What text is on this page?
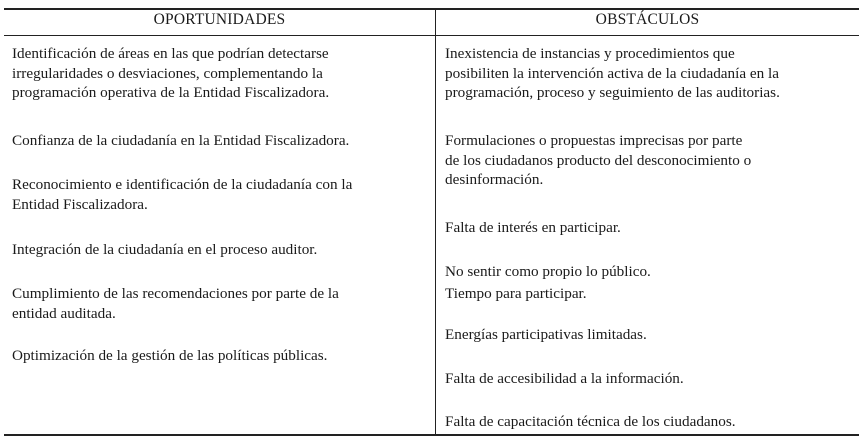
OPORTUNIDADES	OBSTÁCULOS
Identificación de áreas en las que podrían detectarse
irregularidades o desviaciones, complementando la
programación operativa de la Entidad Fiscalizadora.
Confianza de la ciudadanía en la Entidad Fiscalizadora.
Reconocimiento e identificación de la ciudadanía con la
Entidad Fiscalizadora.
Integración de la ciudadanía en el proceso auditor.
Cumplimiento de las recomendaciones por parte de la
entidad auditada.
Optimización de la gestión de las políticas públicas.
Inexistencia de instancias y procedimientos que
posibiliten la intervención activa de la ciudadanía en la
programación, proceso y seguimiento de las auditorias.
Formulaciones o propuestas imprecisas por parte
de los ciudadanos producto del desconocimiento o
desinformación.
Falta de interés en participar.
No sentir como propio lo público.
Tiempo para participar.
Energías participativas limitadas.
Falta de accesibilidad a la información.
Falta de capacitación técnica de los ciudadanos.
